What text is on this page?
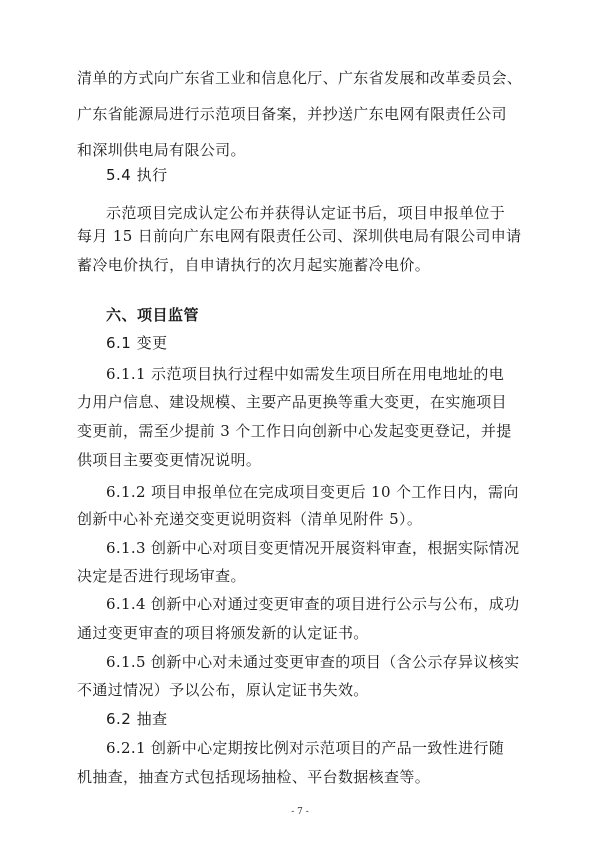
清单的方式向广东省工业和信息化厅、广东省发展和改革委员会、
广东省能源局进行示范项目备案，并抄送广东电网有限责任公司
和深圳供电局有限公司。
5.4 执行
示范项目完成认定公布并获得认定证书后，项目申报单位于
每月 15 日前向广东电网有限责任公司、深圳供电局有限公司申请
蓄冷电价执行，自申请执行的次月起实施蓄冷电价。
六、项目监管
6.1 变更
6.1.1 示范项目执行过程中如需发生项目所在用电地址的电
力用户信息、建设规模、主要产品更换等重大变更，在实施项目
变更前，需至少提前 3 个工作日向创新中心发起变更登记，并提
供项目主要变更情况说明。
6.1.2 项目申报单位在完成项目变更后 10 个工作日内，需向
创新中心补充递交变更说明资料（清单见附件 5）。
6.1.3 创新中心对项目变更情况开展资料审查，根据实际情况
决定是否进行现场审查。
6.1.4 创新中心对通过变更审查的项目进行公示与公布，成功
通过变更审查的项目将颁发新的认定证书。
6.1.5 创新中心对未通过变更审查的项目（含公示存异议核实
不通过情况）予以公布，原认定证书失效。
6.2 抽查
6.2.1 创新中心定期按比例对示范项目的产品一致性进行随
机抽查，抽查方式包括现场抽检、平台数据核查等。
- 7 -
